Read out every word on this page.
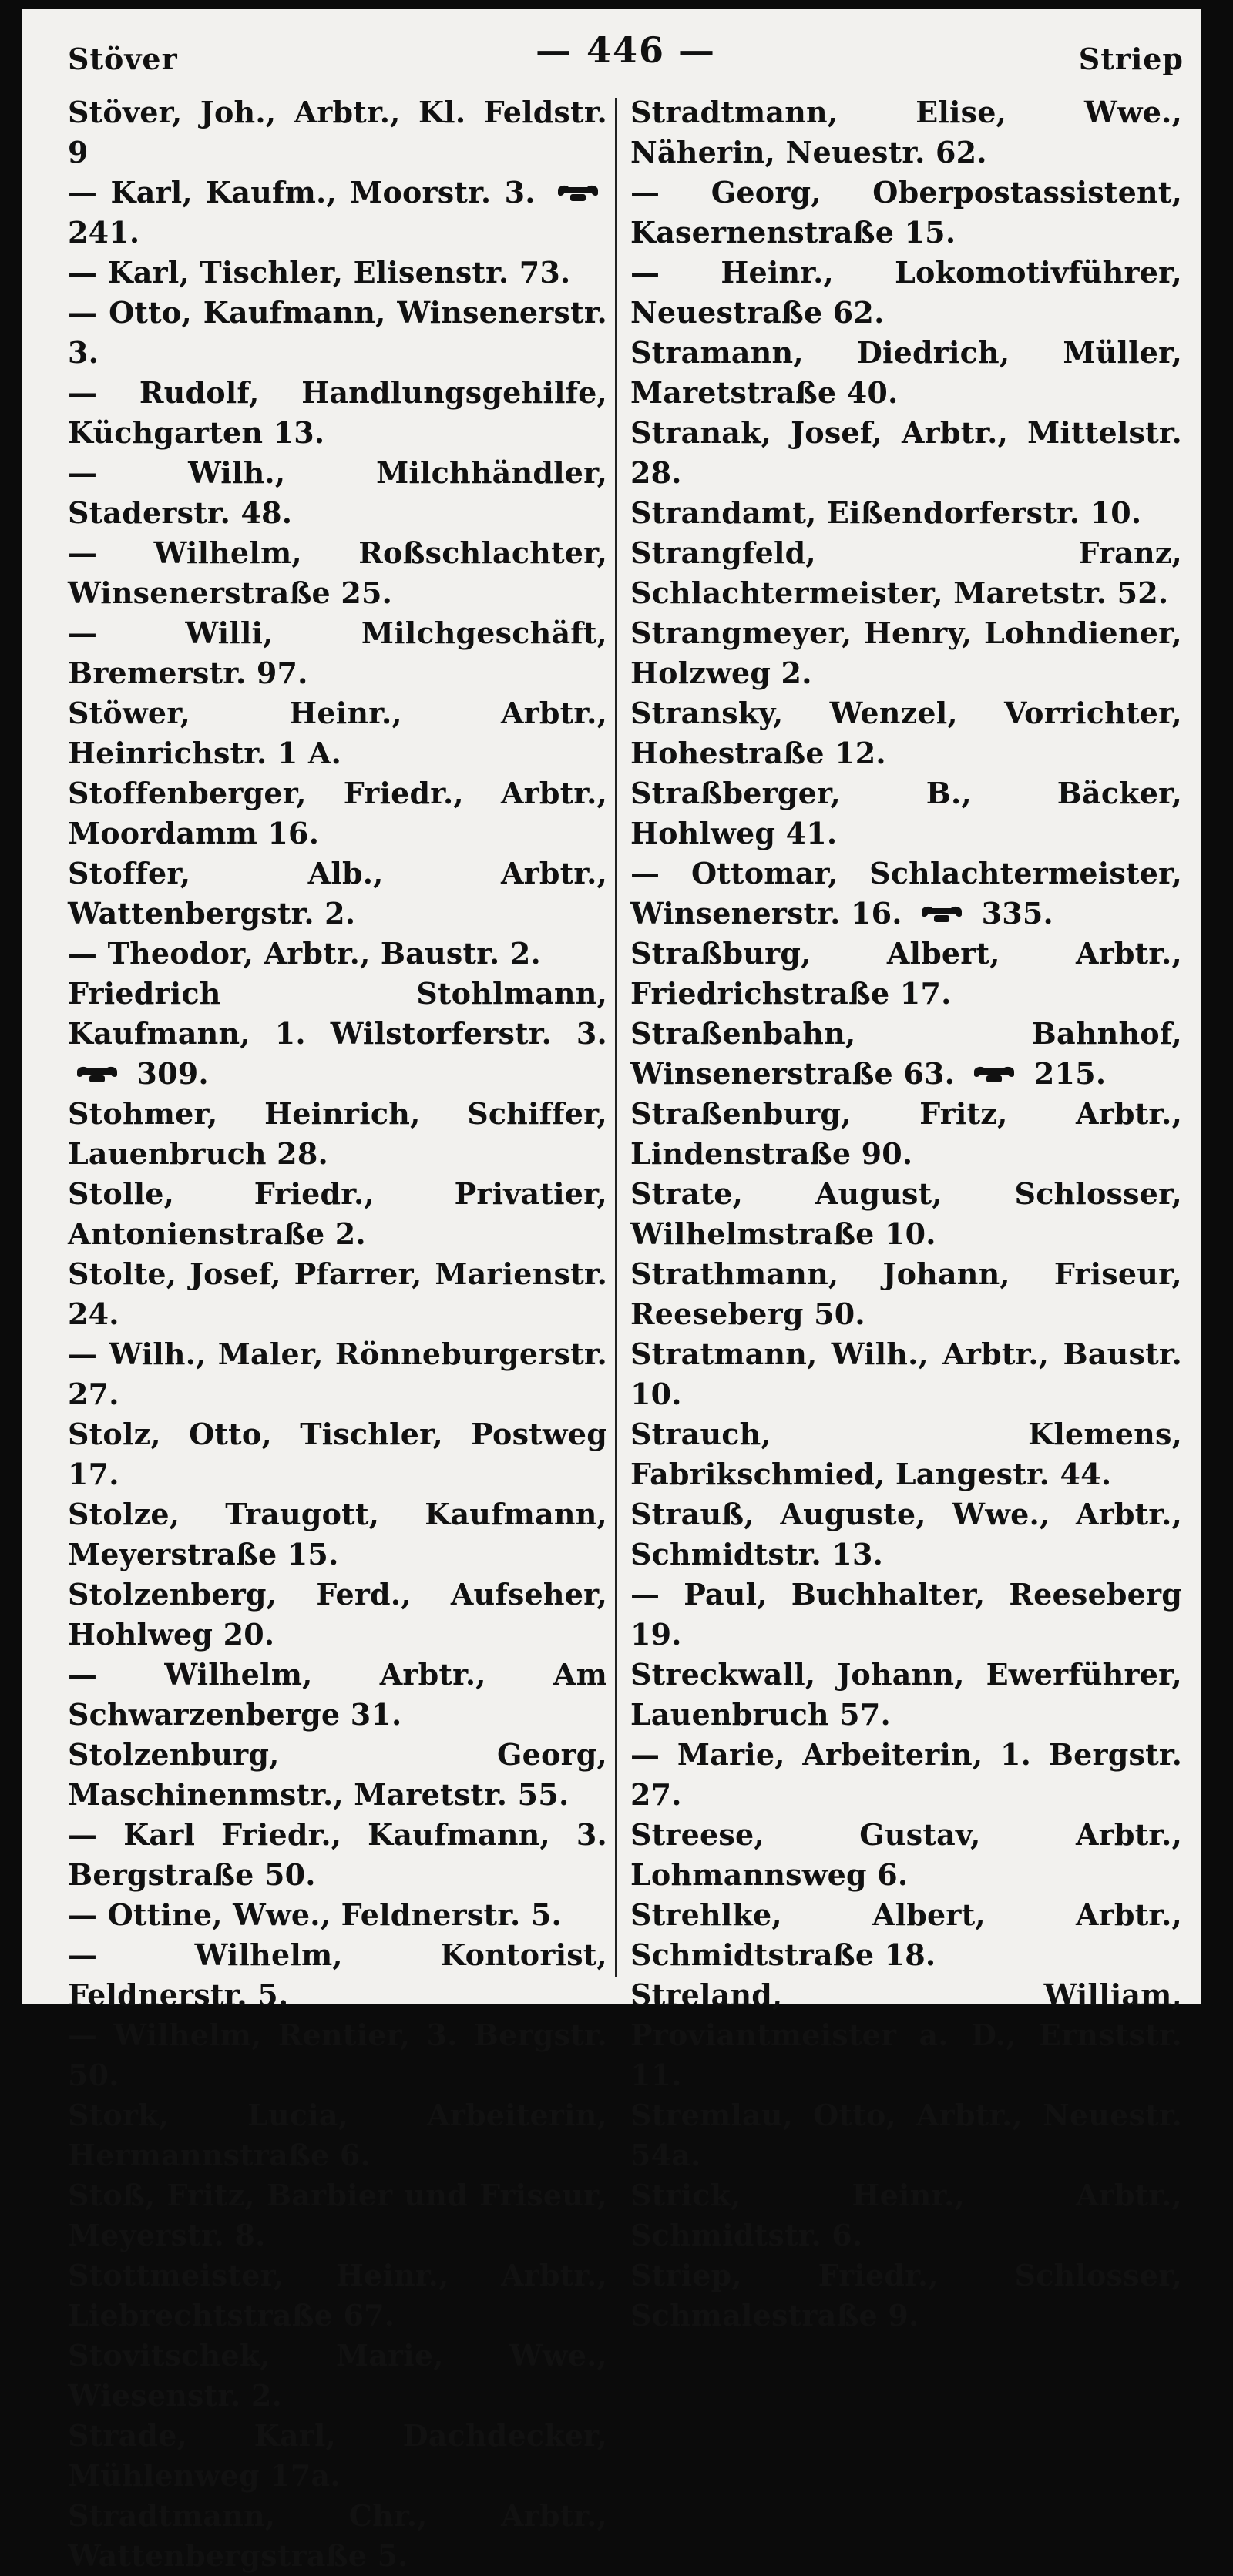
Stöver	— 446 —	Striep
Stöver, Joh., Arbtr., Kl. Feldstr. 9
— Karl, Kaufm., Moorstr. 3.
241.
— Karl, Tischler, Elisenstr. 73.
— Otto, Kaufmann, Winsenerstr. 3.
— Rudolf, Handlungsgehilfe, Küchgarten 13.
— Wilh., Milchhändler, Staderstr. 48.
— Wilhelm, Roßschlachter, Winsenerstraße 25.
— Willi, Milchgeschäft, Bremerstr. 97.
Stöwer, Heinr., Arbtr., Heinrichstr. 1 A.
Stoffenberger, Friedr., Arbtr., Moordamm 16.
Stoffer, Alb., Arbtr., Wattenbergstr. 2.
— Theodor, Arbtr., Baustr. 2.
Friedrich Stohlmann, Kaufmann, 1. Wilstorferstr. 3.
309.
Stohmer, Heinrich, Schiffer, Lauenbruch 28.
Stolle, Friedr., Privatier, Antonienstraße 2.
Stolte, Josef, Pfarrer, Marienstr. 24.
— Wilh., Maler, Rönneburgerstr. 27.
Stolz, Otto, Tischler, Postweg 17.
Stolze, Traugott, Kaufmann, Meyerstraße 15.
Stolzenberg, Ferd., Aufseher, Hohlweg 20.
— Wilhelm, Arbtr., Am Schwarzenberge 31.
Stolzenburg, Georg, Maschinenmstr., Maretstr. 55.
— Karl Friedr., Kaufmann, 3. Bergstraße 50.
— Ottine, Wwe., Feldnerstr. 5.
— Wilhelm, Kontorist, Feldnerstr. 5.
— Wilhelm, Rentier, 3. Bergstr. 50.
Stork, Lucia, Arbeiterin, Hermannstraße 6.
Stoß, Fritz, Barbier und Friseur, Meyerstr. 8.
Stottmeister, Heinr., Arbtr., Liebrechtstraße 67.
Stovitschek, Marie, Wwe., Wiesenstr. 2.
Strade, Karl, Dachdecker, Mühlenweg 17a.
Stradtmann, Chr., Arbtr., Wattenbergstraße 5.
Stradtmann, Elise, Wwe., Näherin, Neuestr. 62.
— Georg, Oberpostassistent, Kasernenstraße 15.
— Heinr., Lokomotivführer, Neuestraße 62.
Stramann, Diedrich, Müller, Maretstraße 40.
Stranak, Josef, Arbtr., Mittelstr. 28.
Strandamt, Eißendorferstr. 10.
Strangfeld, Franz, Schlachtermeister, Maretstr. 52.
Strangmeyer, Henry, Lohndiener, Holzweg 2.
Stransky, Wenzel, Vorrichter, Hohestraße 12.
Straßberger, B., Bäcker, Hohlweg 41.
— Ottomar, Schlachtermeister, Winsenerstr. 16.
335.
Straßburg, Albert, Arbtr., Friedrichstraße 17.
Straßenbahn, Bahnhof, Winsenerstraße 63.
215.
Straßenburg, Fritz, Arbtr., Lindenstraße 90.
Strate, August, Schlosser, Wilhelmstraße 10.
Strathmann, Johann, Friseur, Reeseberg 50.
Stratmann, Wilh., Arbtr., Baustr. 10.
Strauch, Klemens, Fabrikschmied, Langestr. 44.
Strauß, Auguste, Wwe., Arbtr., Schmidtstr. 13.
— Paul, Buchhalter, Reeseberg 19.
Streckwall, Johann, Ewerführer, Lauenbruch 57.
— Marie, Arbeiterin, 1. Bergstr. 27.
Streese, Gustav, Arbtr., Lohmannsweg 6.
Strehlke, Albert, Arbtr., Schmidtstraße 18.
Streland, William, Proviantmeister a. D., Ernststr. 11.
Stremlau, Otto, Arbtr., Neuestr. 54a.
Strick, Heinr., Arbtr., Schmidtstr. 6.
Striep, Friedr., Schlosser, Schmalestraße 9.
